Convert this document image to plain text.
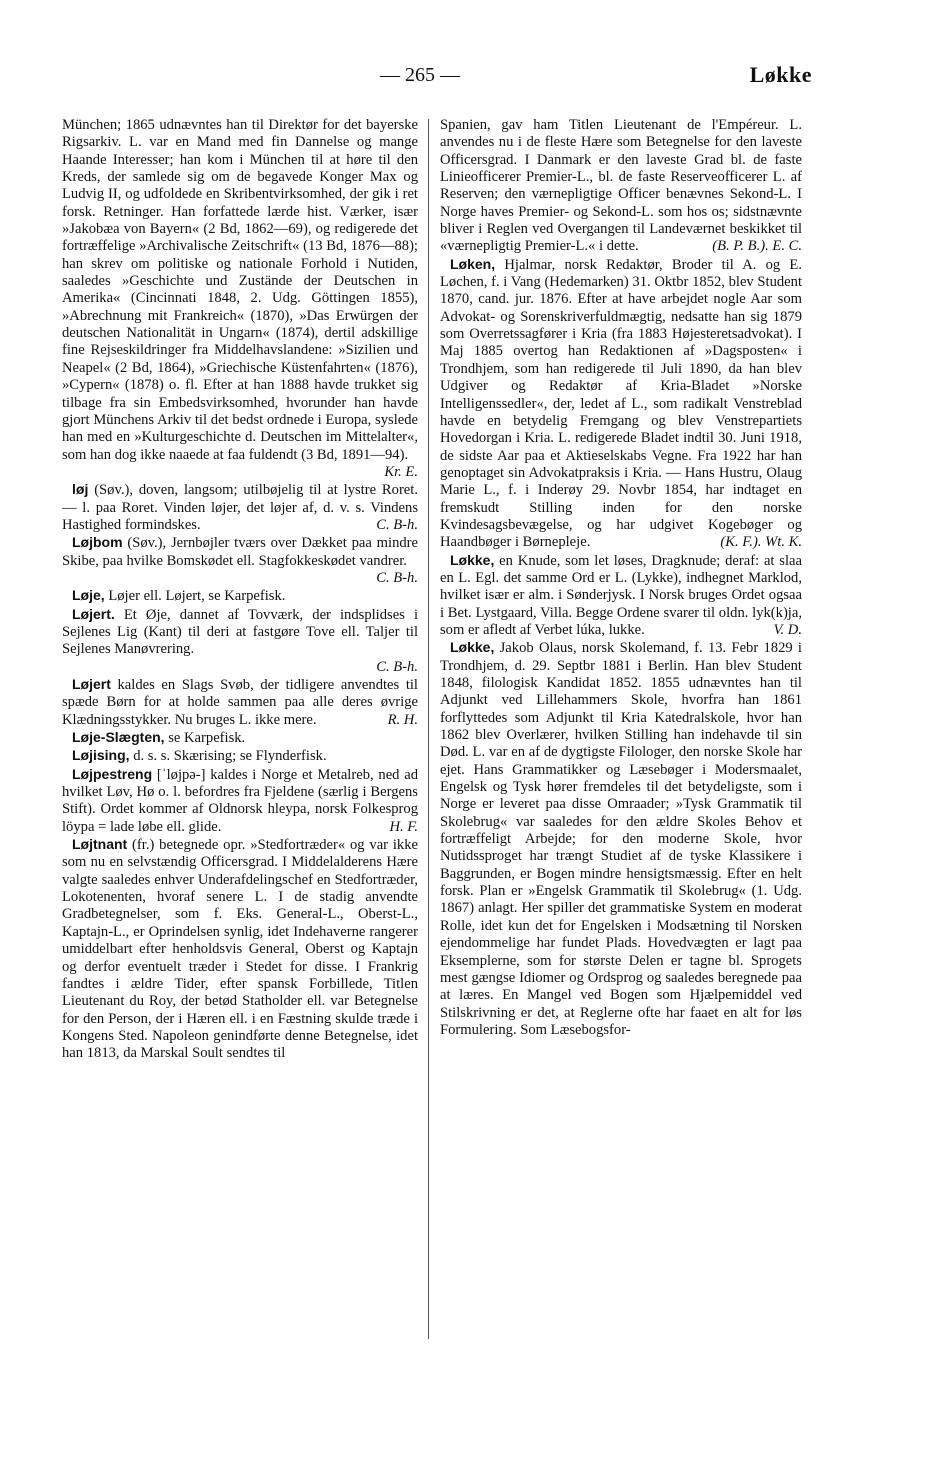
— 265 —	Løkke

München; 1865 udnævntes han til Direktør for det bayerske Rigsarkiv. L. var en Mand med fin Dannelse og mange Haande Interesser; han kom i München til at høre til den Kreds, der samlede sig om de begavede Konger Max og Ludvig II, og udfoldede en Skribentvirksomhed, der gik i ret forsk. Retninger. Han forfattede lærde hist. Værker, især »Jakobæa von Bayern« (2 Bd, 1862—69), og redigerede det fortræffelige »Archivalische Zeitschrift« (13 Bd, 1876—88); han skrev om politiske og nationale Forhold i Nutiden, saaledes »Geschichte und Zustände der Deutschen in Amerika« (Cincinnati 1848, 2. Udg. Göttingen 1855), »Abrechnung mit Frankreich« (1870), »Das Erwürgen der deutschen Nationalität in Ungarn« (1874), dertil adskillige fine Rejseskildringer fra Middelhavslandene: »Sizilien und Neapel« (2 Bd, 1864), »Griechische Küstenfahrten« (1876), »Cypern« (1878) o. fl. Efter at han 1888 havde trukket sig tilbage fra sin Embedsvirksomhed, hvorunder han havde gjort Münchens Arkiv til det bedst ordnede i Europa, syslede han med en »Kulturgeschichte d. Deutschen im Mittelalter«, som han dog ikke naaede at faa fuldendt (3 Bd, 1891—94).
Kr. E.

løj (Søv.), doven, langsom; utilbøjelig til at lystre Roret. — l. paa Roret. Vinden løjer, det løjer af, d. v. s. Vindens Hastighed formindskes.	C. B-h.

Løjbom (Søv.), Jernbøjler tværs over Dækket paa mindre Skibe, paa hvilke Bomskødet ell. Stagfokkeskødet vandrer.
C. B-h.

Løje, Løjer ell. Løjert, se Karpefisk.

Løjert. Et Øje, dannet af Tovværk, der indsplidses i Sejlenes Lig (Kant) til deri at fastgøre Tove ell. Taljer til Sejlenes Manøvrering.

C. B-h.

Løjert kaldes en Slags Svøb, der tidligere anvendtes til spæde Børn for at holde sammen paa alle deres øvrige Klædningsstykker. Nu bruges L. ikke mere.	R. H.

Løje-Slægten, se Karpefisk.

Løjising, d. s. s. Skærising; se Flynderfisk.

Løjpestreng [ˈløjpə-] kaldes i Norge et Metalreb, ned ad hvilket Løv, Hø o. l. befordres fra Fjeldene (særlig i Bergens Stift). Ordet kommer af Oldnorsk hleypa, norsk Folkesprog löypa = lade løbe ell. glide.	H. F.

Løjtnant (fr.) betegnede opr. »Stedfortræder« og var ikke som nu en selvstændig Officersgrad. I Middelalderens Hære valgte saaledes enhver Underafdelingschef en Stedfortræder, Lokotenenten, hvoraf senere L. I de stadig anvendte Gradbetegnelser, som f. Eks. General-L., Oberst-L., Kaptajn-L., er Oprindelsen synlig, idet Indehaverne rangerer umiddelbart efter henholdsvis General, Oberst og Kaptajn og derfor eventuelt træder i Stedet for disse. I Frankrig fandtes i ældre Tider, efter spansk Forbillede, Titlen Lieutenant du Roy, der betød Statholder ell. var Betegnelse for den Person, der i Hæren ell. i en Fæstning skulde træde i Kongens Sted. Napoleon genindførte denne Betegnelse, idet han 1813, da Marskal Soult sendtes til

Spanien, gav ham Titlen Lieutenant de l'Empéreur. L. anvendes nu i de fleste Hære som Betegnelse for den laveste Officersgrad. I Danmark er den laveste Grad bl. de faste Linieofficerer Premier-L., bl. de faste Reserveofficerer L. af Reserven; den værnepligtige Officer benævnes Sekond-L. I Norge haves Premier- og Sekond-L. som hos os; sidstnævnte bliver i Reglen ved Overgangen til Landeværnet beskikket til «værnepligtig Premier-L.« i dette.	(B. P. B.). E. C.

Løken, Hjalmar, norsk Redaktør, Broder til A. og E. Løchen, f. i Vang (Hedemarken) 31. Oktbr 1852, blev Student 1870, cand. jur. 1876. Efter at have arbejdet nogle Aar som Advokat- og Sorenskriverfuldmægtig, nedsatte han sig 1879 som Overretssagfører i Kria (fra 1883 Højesteretsadvokat). I Maj 1885 overtog han Redaktionen af »Dagsposten« i Trondhjem, som han redigerede til Juli 1890, da han blev Udgiver og Redaktør af Kria-Bladet »Norske Intelligenssedler«, der, ledet af L., som radikalt Venstreblad havde en betydelig Fremgang og blev Venstrepartiets Hovedorgan i Kria. L. redigerede Bladet indtil 30. Juni 1918, de sidste Aar paa et Aktieselskabs Vegne. Fra 1922 har han genoptaget sin Advokatpraksis i Kria. — Hans Hustru, Olaug Marie L., f. i Inderøy 29. Novbr 1854, har indtaget en fremskudt Stilling inden for den norske Kvindesagsbevægelse, og har udgivet Kogebøger og Haandbøger i Børnepleje.	(K. F.). Wt. K.

Løkke, en Knude, som let løses, Dragknude; deraf: at slaa en L. Egl. det samme Ord er L. (Lykke), indhegnet Marklod, hvilket især er alm. i Sønderjysk. I Norsk bruges Ordet ogsaa i Bet. Lystgaard, Villa. Begge Ordene svarer til oldn. lyk(k)ja, som er afledt af Verbet lúka, lukke.	V. D.

Løkke, Jakob Olaus, norsk Skolemand, f. 13. Febr 1829 i Trondhjem, d. 29. Septbr 1881 i Berlin. Han blev Student 1848, filologisk Kandidat 1852. 1855 udnævntes han til Adjunkt ved Lillehammers Skole, hvorfra han 1861 forflyttedes som Adjunkt til Kria Katedralskole, hvor han 1862 blev Overlærer, hvilken Stilling han indehavde til sin Død. L. var en af de dygtigste Filologer, den norske Skole har ejet. Hans Grammatikker og Læsebøger i Modersmaalet, Engelsk og Tysk hører fremdeles til det betydeligste, som i Norge er leveret paa disse Omraader; »Tysk Grammatik til Skolebrug« var saaledes for den ældre Skoles Behov et fortræffeligt Arbejde; for den moderne Skole, hvor Nutidssproget har trængt Studiet af de tyske Klassikere i Baggrunden, er Bogen mindre hensigtsmæssig. Efter en helt forsk. Plan er »Engelsk Grammatik til Skolebrug« (1. Udg. 1867) anlagt. Her spiller det grammatiske System en moderat Rolle, idet kun det for Engelsken i Modsætning til Norsken ejendommelige har fundet Plads. Hovedvægten er lagt paa Eksemplerne, som for største Delen er tagne bl. Sprogets mest gængse Idiomer og Ordsprog og saaledes beregnede paa at læres. En Mangel ved Bogen som Hjælpemiddel ved Stilskrivning er det, at Reglerne ofte har faaet en alt for løs Formulering. Som Læsebogsfor-
